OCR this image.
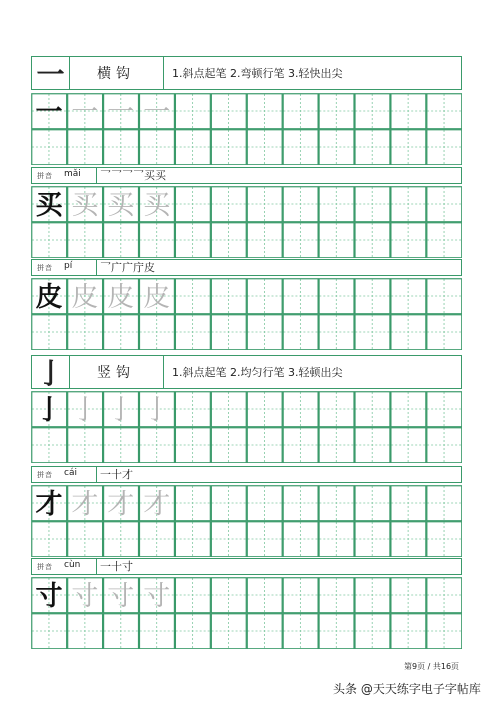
一	横钩	1.斜点起笔 2.弯顿行笔 3.轻快出尖
一 一 一 一
拼音 mǎi	乛乛乛乛买买
买 买 买 买
拼音 pí	乛广广庁皮
皮 皮 皮 皮
亅	竖钩	1.斜点起笔 2.均匀行笔 3.轻顿出尖
亅 亅 亅 亅
拼音 cái	一十才
才 才 才 才
拼音 cùn	一十寸
寸 寸 寸 寸
第9页 / 共16页
头条 @天天练字电子字帖库
